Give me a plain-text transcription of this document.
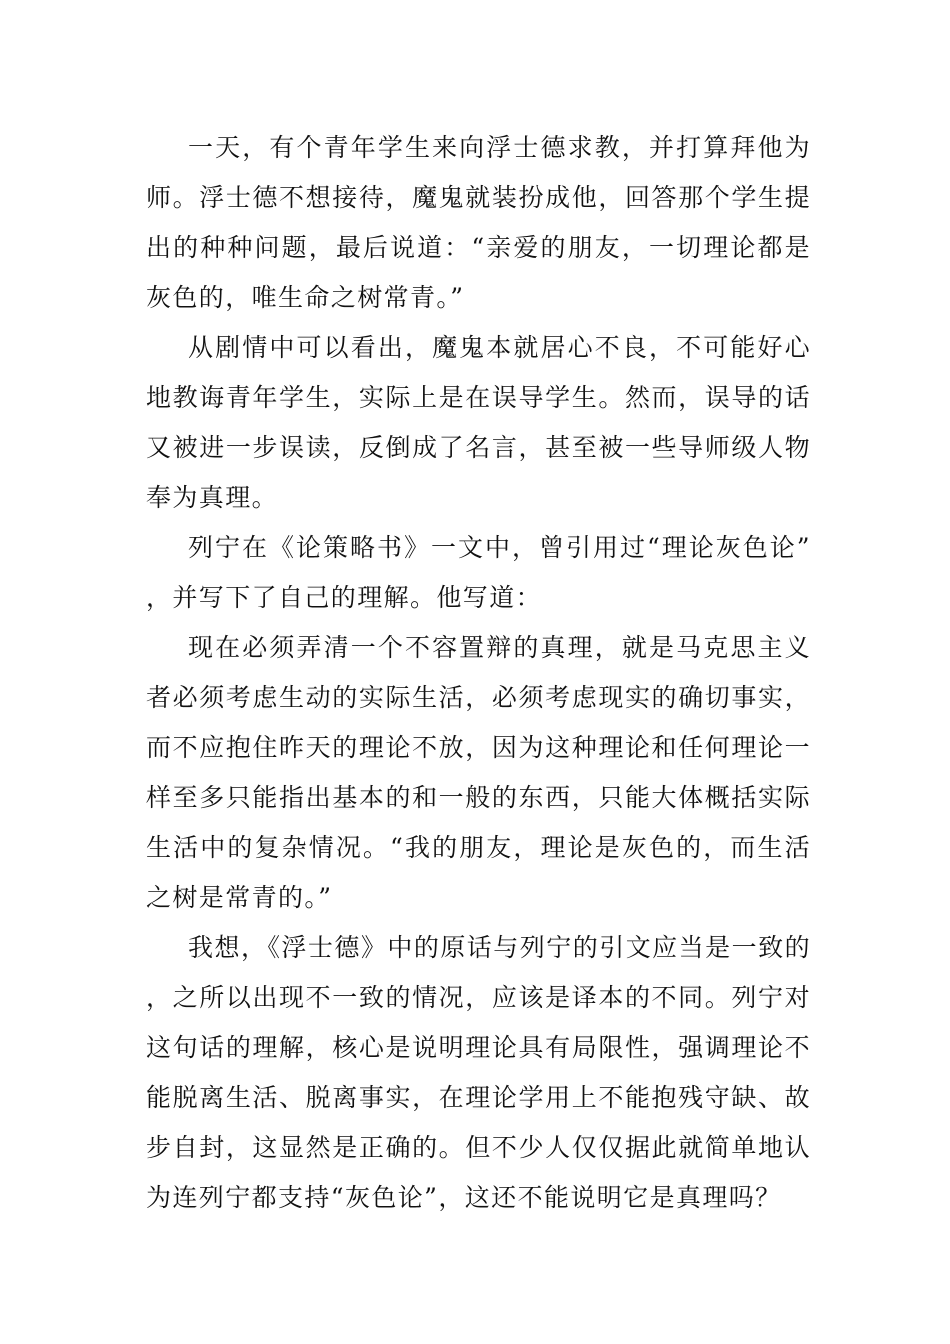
一天，有个青年学生来向浮士德求教，并打算拜他为师。浮士德不想接待，魔鬼就装扮成他，回答那个学生提出的种种问题，最后说道：“亲爱的朋友，一切理论都是灰色的，唯生命之树常青。”

从剧情中可以看出，魔鬼本就居心不良，不可能好心地教诲青年学生，实际上是在误导学生。然而，误导的话又被进一步误读，反倒成了名言，甚至被一些导师级人物奉为真理。

列宁在《论策略书》一文中，曾引用过“理论灰色论”，并写下了自己的理解。他写道：

现在必须弄清一个不容置辩的真理，就是马克思主义者必须考虑生动的实际生活，必须考虑现实的确切事实，而不应抱住昨天的理论不放，因为这种理论和任何理论一样至多只能指出基本的和一般的东西，只能大体概括实际生活中的复杂情况。“我的朋友，理论是灰色的，而生活之树是常青的。”

我想，《浮士德》中的原话与列宁的引文应当是一致的，之所以出现不一致的情况，应该是译本的不同。列宁对这句话的理解，核心是说明理论具有局限性，强调理论不能脱离生活、脱离事实，在理论学用上不能抱残守缺、故步自封，这显然是正确的。但不少人仅仅据此就简单地认为连列宁都支持“灰色论”，这还不能说明它是真理吗？
